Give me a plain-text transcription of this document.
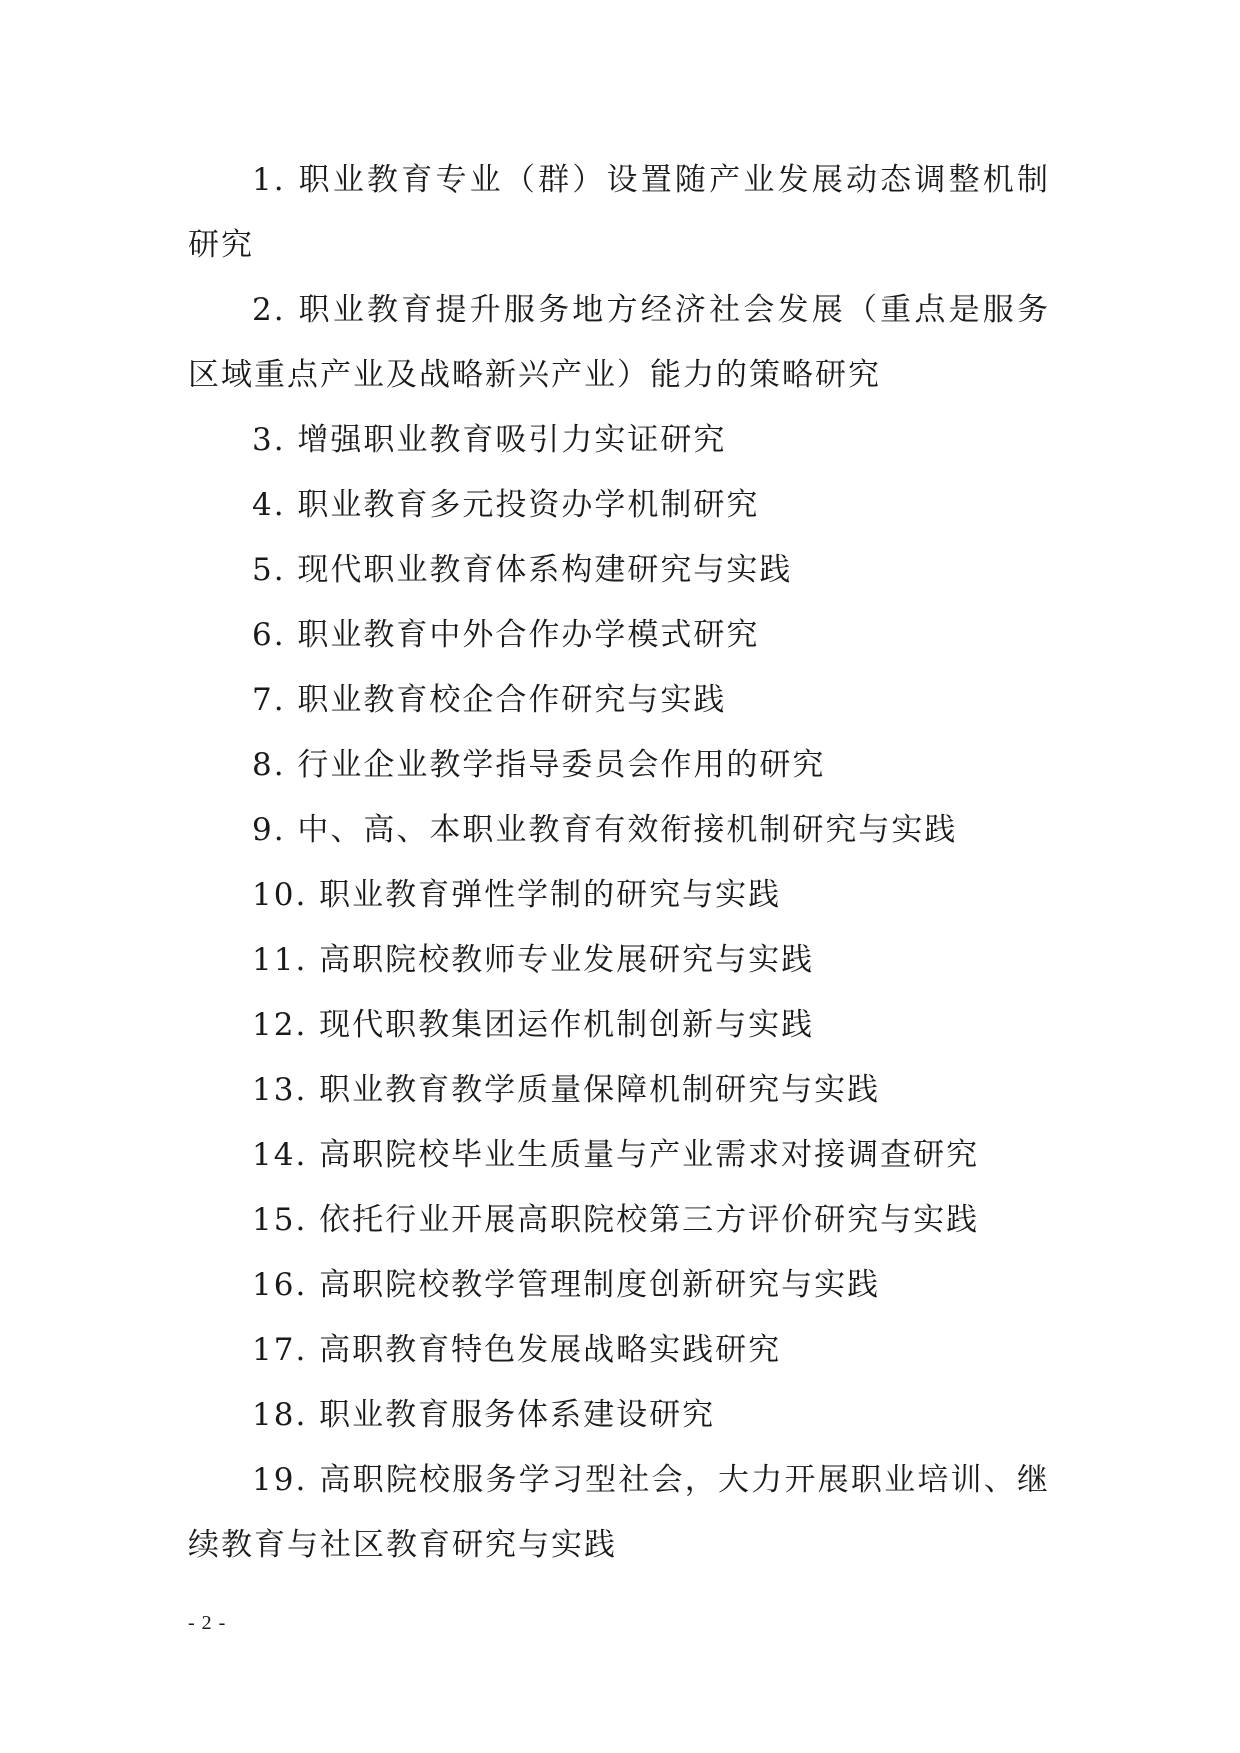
1. 职业教育专业（群）设置随产业发展动态调整机制研究

2. 职业教育提升服务地方经济社会发展（重点是服务区域重点产业及战略新兴产业）能力的策略研究

3. 增强职业教育吸引力实证研究

4. 职业教育多元投资办学机制研究

5. 现代职业教育体系构建研究与实践

6. 职业教育中外合作办学模式研究

7. 职业教育校企合作研究与实践

8. 行业企业教学指导委员会作用的研究

9. 中、高、本职业教育有效衔接机制研究与实践

10. 职业教育弹性学制的研究与实践

11. 高职院校教师专业发展研究与实践

12. 现代职教集团运作机制创新与实践

13. 职业教育教学质量保障机制研究与实践

14. 高职院校毕业生质量与产业需求对接调查研究

15. 依托行业开展高职院校第三方评价研究与实践

16. 高职院校教学管理制度创新研究与实践

17. 高职教育特色发展战略实践研究

18. 职业教育服务体系建设研究

19. 高职院校服务学习型社会，大力开展职业培训、继续教育与社区教育研究与实践

- 2 -
